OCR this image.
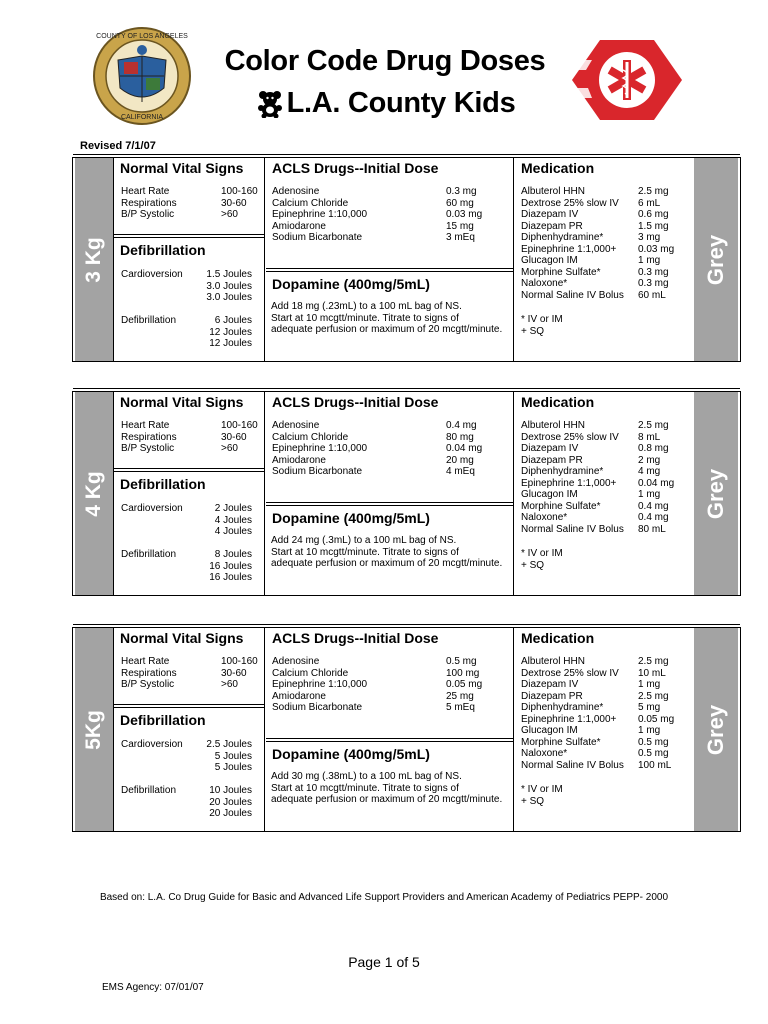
COUNTY OF LOS ANGELES
CALIFORNIA
Color Code Drug Doses
L.A. County Kids
Revised 7/1/07
3 Kg
Normal Vital Signs
Heart Rate	100-160
Respirations	30-60
B/P Systolic	>60
Defibrillation
Cardioversion 1.5 Joules
3.0 Joules
3.0 Joules
Defibrillation	6 Joules
12 Joules
12 Joules
ACLS Drugs--Initial Dose
Adenosine	0.3 mg
Calcium Chloride	60 mg
Epinephrine 1:10,000	0.03 mg
Amiodarone	15 mg
Sodium Bicarbonate	3 mEq
Dopamine (400mg/5mL)
Add 18 mg (.23mL) to a 100 mL bag of NS.
Start at 10 mcgtt/minute. Titrate to signs of
adequate perfusion or maximum of 20 mcgtt/minute.
Medication
Albuterol HHN	2.5 mg
Dextrose 25% slow IV 6 mL
Diazepam IV	0.6 mg
Diazepam PR	1.5 mg
Diphenhydramine*	3 mg
Epinephrine 1:1,000+ 0.03 mg
Glucagon IM	1 mg
Morphine Sulfate*	0.3 mg
Naloxone*	0.3 mg
Normal Saline IV Bolus 60 mL
* IV or IM
+ SQ
Grey
4 Kg
Normal Vital Signs
Heart Rate	100-160
Respirations	30-60
B/P Systolic	>60
Defibrillation
Cardioversion	2 Joules
4 Joules
4 Joules
Defibrillation	8 Joules
16 Joules
16 Joules
ACLS Drugs--Initial Dose
Adenosine	0.4 mg
Calcium Chloride	80 mg
Epinephrine 1:10,000	0.04 mg
Amiodarone	20 mg
Sodium Bicarbonate	4 mEq
Dopamine (400mg/5mL)
Add 24 mg (.3mL) to a 100 mL bag of NS.
Start at 10 mcgtt/minute. Titrate to signs of
adequate perfusion or maximum of 20 mcgtt/minute.
Medication
Albuterol HHN	2.5 mg
Dextrose 25% slow IV 8 mL
Diazepam IV	0.8 mg
Diazepam PR	2 mg
Diphenhydramine*	4 mg
Epinephrine 1:1,000+ 0.04 mg
Glucagon IM	1 mg
Morphine Sulfate*	0.4 mg
Naloxone*	0.4 mg
Normal Saline IV Bolus 80 mL
* IV or IM
+ SQ
Grey
5Kg
Normal Vital Signs
Heart Rate	100-160
Respirations	30-60
B/P Systolic	>60
Defibrillation
Cardioversion 2.5 Joules
5 Joules
5 Joules
Defibrillation	10 Joules
20 Joules
20 Joules
ACLS Drugs--Initial Dose
Adenosine	0.5 mg
Calcium Chloride	100 mg
Epinephrine 1:10,000	0.05 mg
Amiodarone	25 mg
Sodium Bicarbonate	5 mEq
Dopamine (400mg/5mL)
Add 30 mg (.38mL) to a 100 mL bag of NS.
Start at 10 mcgtt/minute. Titrate to signs of
adequate perfusion or maximum of 20 mcgtt/minute.
Medication
Albuterol HHN	2.5 mg
Dextrose 25% slow IV 10 mL
Diazepam IV	1 mg
Diazepam PR	2.5 mg
Diphenhydramine*	5 mg
Epinephrine 1:1,000+ 0.05 mg
Glucagon IM	1 mg
Morphine Sulfate*	0.5 mg
Naloxone*	0.5 mg
Normal Saline IV Bolus 100 mL
* IV or IM
+ SQ
Grey
Based on: L.A. Co Drug Guide for Basic and Advanced Life Support Providers and American Academy of Pediatrics PEPP- 2000
Page 1 of 5
EMS Agency: 07/01/07
